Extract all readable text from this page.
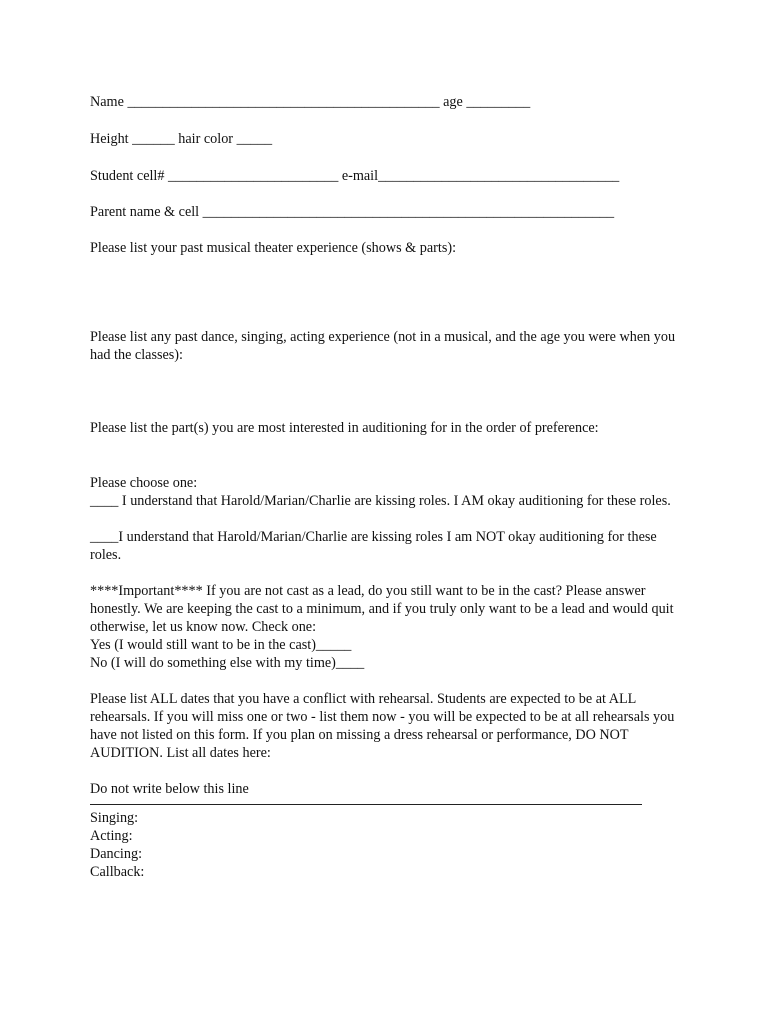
Name ____________________________________________ age _________

Height ______ hair color _____

Student cell# ________________________ e-mail__________________________________

Parent name & cell __________________________________________________________

Please list your past musical theater experience (shows & parts):

Please list any past dance, singing, acting experience (not in a musical, and the age you were when you had the classes):

Please list the part(s) you are most interested in auditioning for in the order of preference:

Please choose one:

____ I understand that Harold/Marian/Charlie are kissing roles. I AM okay auditioning for these roles.

____I understand that Harold/Marian/Charlie are kissing roles I am NOT okay auditioning for these roles.

****Important**** If you are not cast as a lead, do you still want to be in the cast? Please answer honestly. We are keeping the cast to a minimum, and if you truly only want to be a lead and would quit otherwise, let us know now. Check one:

Yes (I would still want to be in the cast)_____

No (I will do something else with my time)____

Please list ALL dates that you have a conflict with rehearsal. Students are expected to be at ALL rehearsals. If you will miss one or two - list them now - you will be expected to be at all rehearsals you have not listed on this form. If you plan on missing a dress rehearsal or performance, DO NOT AUDITION. List all dates here:

Do not write below this line

Singing:

Acting:

Dancing:

Callback:
